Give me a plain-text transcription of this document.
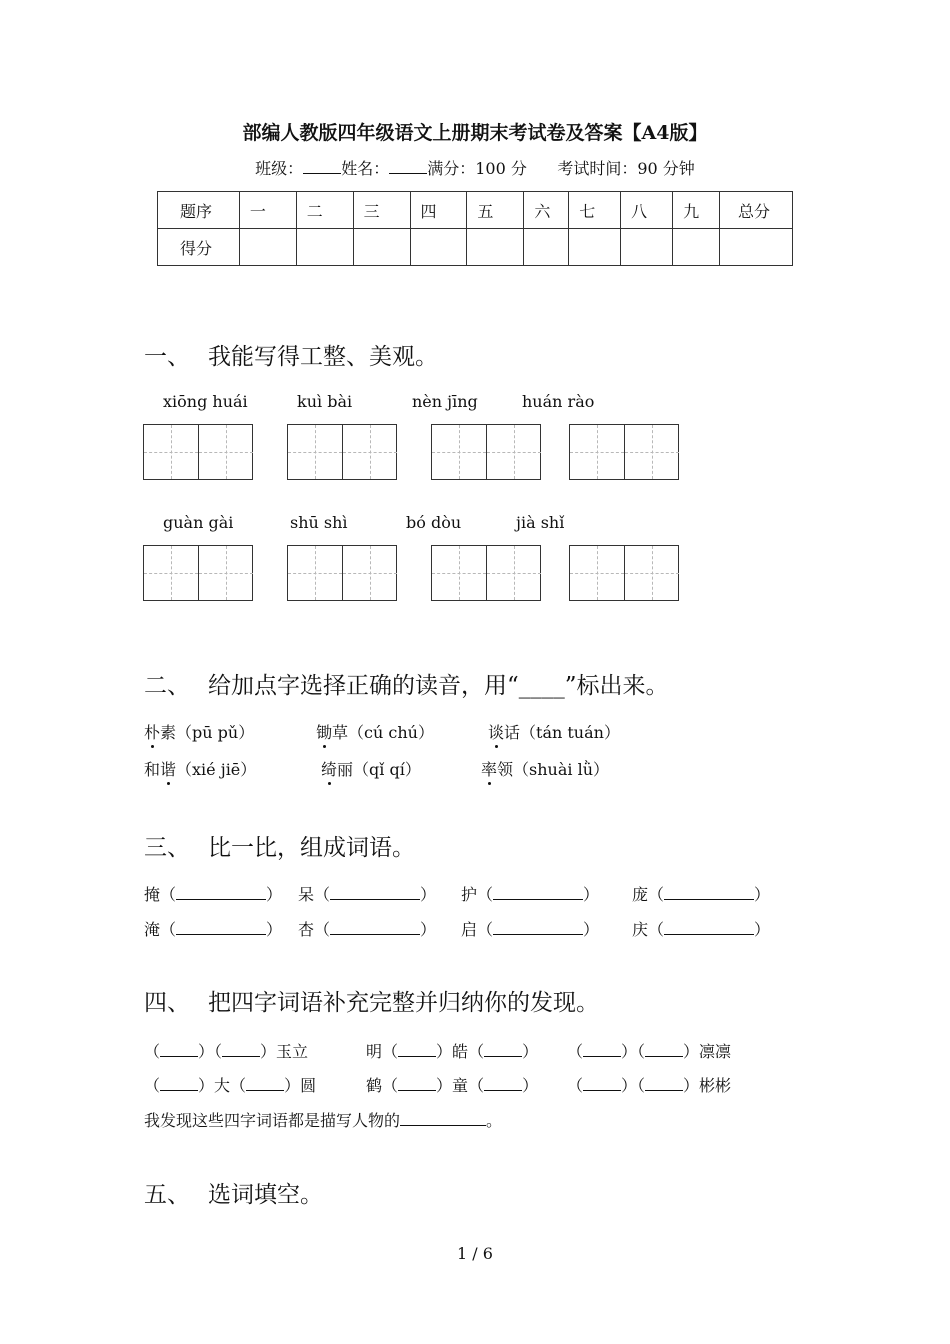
部编人教版四年级语文上册期末考试卷及答案【A4版】
班级： 姓名： 满分：100 分 考试时间：90 分钟
题序	一	二	三	四	五	六	七	八	九	总分
得分										
一、 我能写得工整、美观。
xiōng huái	kuì bài	nèn jīng	huán rào
guàn gài	shū shì	bó dòu	jià shǐ
二、 给加点字选择正确的读音，用“____”标出来。
朴素（pū pǔ）	锄草（cú chú）	谈话（tán tuán）
和谐（xié jiē）	绮丽（qǐ qí）	率领（shuài lǜ）
三、 比一比，组成词语。
掩（	） 呆（	） 护（	） 庞（	）
淹（	） 杏（	） 启（	） 庆（	）
四、 把四字词语补充完整并归纳你的发现。
（ ）（ ）玉立	明（ ）皓（ ） （ ）（ ）凛凛
（ ）大（ ）圆	鹤（ ）童（ ） （ ）（ ）彬彬
我发现这些四字词语都是描写人物的	。
五、 选词填空。
1 / 6
